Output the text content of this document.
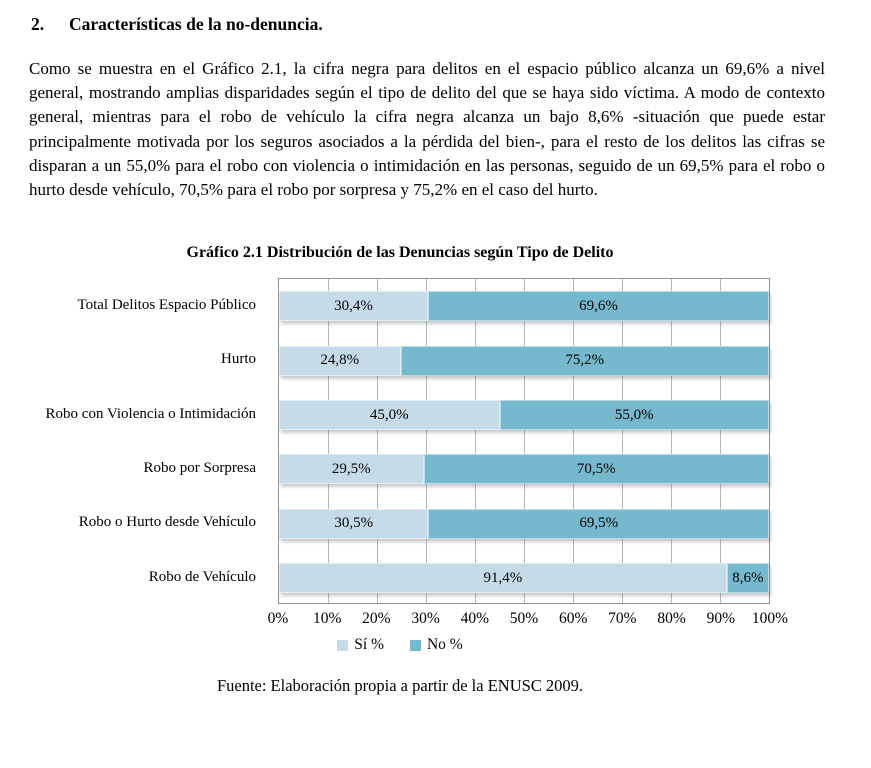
2. Características de la no-denuncia.

Como se muestra en el Gráfico 2.1, la cifra negra para delitos en el espacio público alcanza un 69,6% a nivel general, mostrando amplias disparidades según el tipo de delito del que se haya sido víctima. A modo de contexto general, mientras para el robo de vehículo la cifra negra alcanza un bajo 8,6% -situación que puede estar principalmente motivada por los seguros asociados a la pérdida del bien-, para el resto de los delitos las cifras se disparan a un 55,0% para el robo con violencia o intimidación en las personas, seguido de un 69,5% para el robo o hurto desde vehículo, 70,5% para el robo por sorpresa y 75,2% en el caso del hurto.

Gráfico 2.1 Distribución de las Denuncias según Tipo de Delito
30,4%	69,6%
24,8%	75,2%
45,0%	55,0%
29,5%	70,5%
30,5%	69,5%
91,4%	8,6%
Total Delitos Espacio Público
Hurto
Robo con Violencia o Intimidación
Robo por Sorpresa
Robo o Hurto desde Vehículo
Robo de Vehículo
0% 10% 20% 30% 40% 50% 60% 70% 80% 90% 100%
Sí %	No %
Fuente: Elaboración propia a partir de la ENUSC 2009.
